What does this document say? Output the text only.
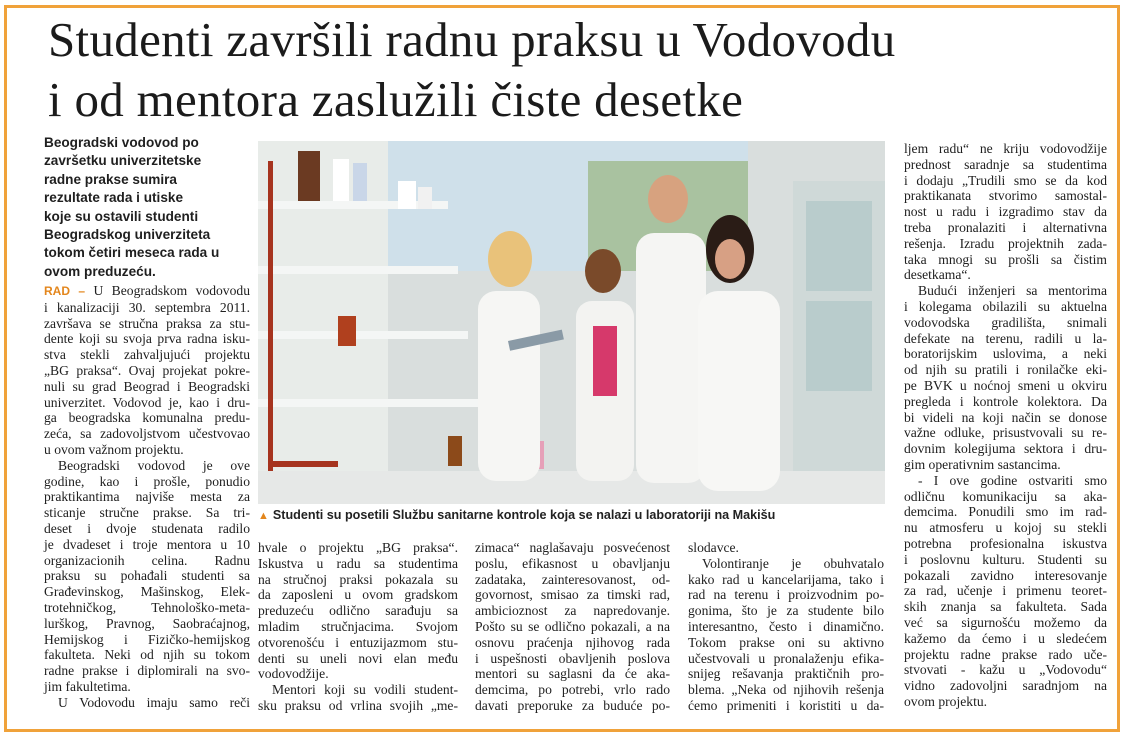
Studenti završili radnu praksu u Vodovodu
i od mentora zaslužili čiste desetke
Beogradski vodovod po
završetku univerzitetske
radne prakse sumira
rezultate rada i utiske
koje su ostavili studenti
Beogradskog univerziteta
tokom četiri meseca rada u
ovom preduzeću.
▲ Studenti su posetili Službu sanitarne kontrole koja se nalazi u laboratoriji na Makišu
RAD – U Beogradskom vodovodu
i kanalizaciji 30. septembra 2011.
završava se stručna praksa za stu-
dente koji su svoja prva radna isku-
stva stekli zahvaljujući projektu
„BG praksa“. Ovaj projekat pokre-
nuli su grad Beograd i Beogradski
univerzitet. Vodovod je, kao i dru-
ga beogradska komunalna predu-
zeća, sa zadovoljstvom učestvovao
u ovom važnom projektu.
Beogradski vodovod je ove
godine, kao i prošle, ponudio
praktikantima najviše mesta za
sticanje stručne prakse. Sa tri-
deset i dvoje studenata radilo
je dvadeset i troje mentora u 10
organizacionih celina. Radnu
praksu su pohađali studenti sa
Građevinskog, Mašinskog, Elek-
trotehničkog, Tehnološko-meta-
lurškog, Pravnog, Saobraćajnog,
Hemijskog i Fizičko-hemijskog
fakulteta. Neki od njih su tokom
radne prakse i diplomirali na svo-
jim fakultetima.
U Vodovodu imaju samo reči
hvale o projektu „BG praksa“.
Iskustva u radu sa studentima
na stručnoj praksi pokazala su
da zaposleni u ovom gradskom
preduzeću odlično sarađuju sa
mladim stručnjacima. Svojom
otvorenošću i entuzijazmom stu-
denti su uneli novi elan među
vodovodžije.
Mentori koji su vodili student-
sku praksu od vrlina svojih „me-
zimaca“ naglašavaju posvećenost
poslu, efikasnost u obavljanju
zadataka, zainteresovanost, od-
govornost, smisao za timski rad,
ambicioznost za napredovanje.
Pošto su se odlično pokazali, a na
osnovu praćenja njihovog rada
i uspešnosti obavljenih poslova
mentori su saglasni da će aka-
demcima, po potrebi, vrlo rado
davati preporuke za buduće po-
slodavce.
Volontiranje je obuhvatalo
kako rad u kancelarijama, tako i
rad na terenu i proizvodnim po-
gonima, što je za studente bilo
interesantno, često i dinamično.
Tokom prakse oni su aktivno
učestvovali u pronalaženju efika-
snijeg rešavanja praktičnih pro-
blema. „Neka od njihovih rešenja
ćemo primeniti i koristiti u da-
ljem radu“ ne kriju vodovodžije
prednost saradnje sa studentima
i dodaju „Trudili smo se da kod
praktikanata stvorimo samostal-
nost u radu i izgradimo stav da
treba pronalaziti i alternativna
rešenja. Izradu projektnih zada-
taka mnogi su prošli sa čistim
desetkama“.
Budući inženjeri sa mentorima
i kolegama obilazili su aktuelna
vodovodska gradilišta, snimali
defekate na terenu, radili u la-
boratorijskim uslovima, a neki
od njih su pratili i ronilačke eki-
pe BVK u noćnoj smeni u okviru
pregleda i kontrole kolektora. Da
bi videli na koji način se donose
važne odluke, prisustvovali su re-
dovnim kolegijuma sektora i dru-
gim operativnim sastancima.
- I ove godine ostvariti smo
odličnu komunikaciju sa aka-
demcima. Ponudili smo im rad-
nu atmosferu u kojoj su stekli
potrebna profesionalna iskustva
i poslovnu kulturu. Studenti su
pokazali zavidno interesovanje
za rad, učenje i primenu teoret-
skih znanja sa fakulteta. Sada
već sa sigurnošću možemo da
kažemo da ćemo i u sledećem
projektu radne prakse rado uče-
stvovati - kažu u „Vodovodu“
vidno zadovoljni saradnjom na
ovom projektu.
